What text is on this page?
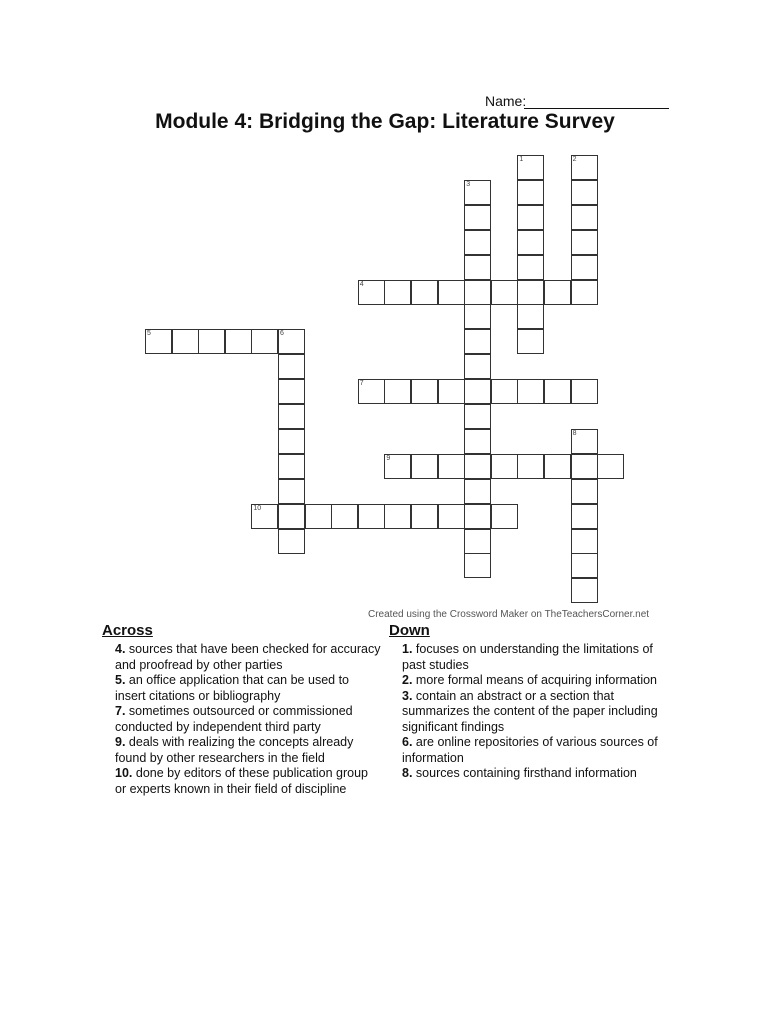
Name:
Module 4: Bridging the Gap: Literature Survey
1	2
3
4
5	6
7
8
9
10
Created using the Crossword Maker on TheTeachersCorner.net
Across
4. sources that have been checked for accuracy and proofread by other parties
5. an office application that can be used to insert citations or bibliography
7. sometimes outsourced or commissioned conducted by independent third party
9. deals with realizing the concepts already found by other researchers in the field
10. done by editors of these publication group or experts known in their field of discipline
Down
1. focuses on understanding the limitations of past studies
2. more formal means of acquiring information
3. contain an abstract or a section that summarizes the content of the paper including significant findings
6. are online repositories of various sources of information
8. sources containing firsthand information
